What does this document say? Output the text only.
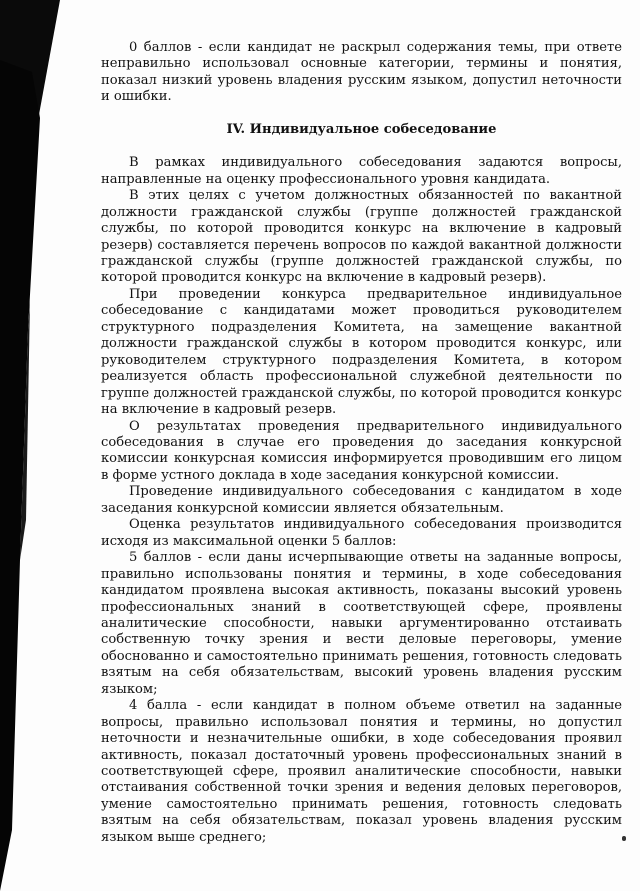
0 баллов - если кандидат не раскрыл содержания темы, при ответе неправильно использовал основные категории, термины и понятия, показал низкий уровень владения русским языком, допустил неточности и ошибки.

IV. Индивидуальное собеседование

В рамках индивидуального собеседования задаются вопросы, направленные на оценку профессионального уровня кандидата.

В этих целях с учетом должностных обязанностей по вакантной должности гражданской службы (группе должностей гражданской службы, по которой проводится конкурс на включение в кадровый резерв) составляется перечень вопросов по каждой вакантной должности гражданской службы (группе должностей гражданской службы, по которой проводится конкурс на включение в кадровый резерв).

При проведении конкурса предварительное индивидуальное собеседование с кандидатами может проводиться руководителем структурного подразделения Комитета, на замещение вакантной должности гражданской службы в котором проводится конкурс, или руководителем структурного подразделения Комитета, в котором реализуется область профессиональной служебной деятельности по группе должностей гражданской службы, по которой проводится конкурс на включение в кадровый резерв.

О результатах проведения предварительного индивидуального собеседования в случае его проведения до заседания конкурсной комиссии конкурсная комиссия информируется проводившим его лицом в форме устного доклада в ходе заседания конкурсной комиссии.

Проведение индивидуального собеседования с кандидатом в ходе заседания конкурсной комиссии является обязательным.

Оценка результатов индивидуального собеседования производится исходя из максимальной оценки 5 баллов:

5 баллов - если даны исчерпывающие ответы на заданные вопросы, правильно использованы понятия и термины, в ходе собеседования кандидатом проявлена высокая активность, показаны высокий уровень профессиональных знаний в соответствующей сфере, проявлены аналитические способности, навыки аргументированно отстаивать собственную точку зрения и вести деловые переговоры, умение обоснованно и самостоятельно принимать решения, готовность следовать взятым на себя обязательствам, высокий уровень владения русским языком;

4 балла - если кандидат в полном объеме ответил на заданные вопросы, правильно использовал понятия и термины, но допустил неточности и незначительные ошибки, в ходе собеседования проявил активность, показал достаточный уровень профессиональных знаний в соответствующей сфере, проявил аналитические способности, навыки отстаивания собственной точки зрения и ведения деловых переговоров, умение самостоятельно принимать решения, готовность следовать взятым на себя обязательствам, показал уровень владения русским языком выше среднего;
